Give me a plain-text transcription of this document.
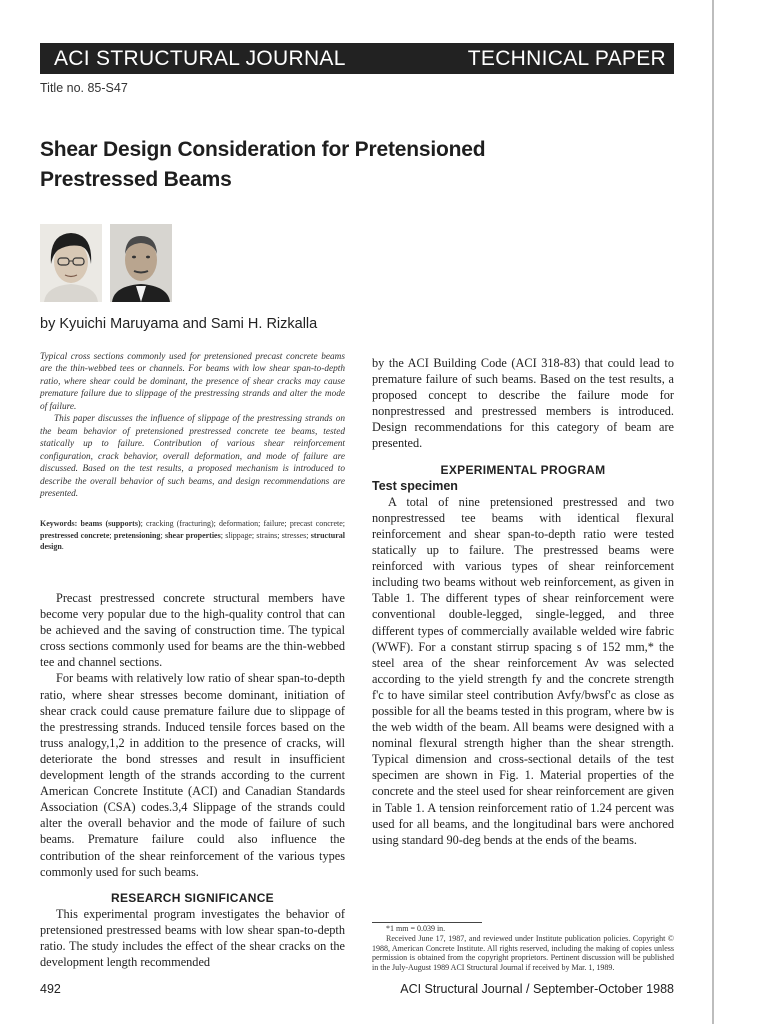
ACI STRUCTURAL JOURNAL	TECHNICAL PAPER
Title no. 85-S47
Shear Design Consideration for Pretensioned
Prestressed Beams
by Kyuichi Maruyama and Sami H. Rizkalla

Typical cross sections commonly used for pretensioned precast concrete beams are the thin-webbed tees or channels. For beams with low shear span-to-depth ratio, where shear could be dominant, the presence of shear cracks may cause premature failure due to slippage of the prestressing strands and alter the mode of failure.

This paper discusses the influence of slippage of the prestressing strands on the beam behavior of pretensioned prestressed concrete tee beams, tested statically up to failure. Contribution of various shear reinforcement configuration, crack behavior, overall deformation, and mode of failure are discussed. Based on the test results, a proposed mechanism is introduced to describe the overall behavior of such beams, and design recommendations are presented.

Keywords: beams (supports); cracking (fracturing); deformation; failure; precast concrete; prestressed concrete; pretensioning; shear properties; slippage; strains; stresses; structural design.

Precast prestressed concrete structural members have become very popular due to the high-quality control that can be achieved and the saving of construction time. The typical cross sections commonly used for beams are the thin-webbed tee and channel sections.

For beams with relatively low ratio of shear span-to-depth ratio, where shear stresses become dominant, initiation of shear crack could cause premature failure due to slippage of the prestressing strands. Induced tensile forces based on the truss analogy,1,2 in addition to the presence of cracks, will deteriorate the bond stresses and result in insufficient development length of the strands according to the current American Concrete Institute (ACI) and Canadian Standards Association (CSA) codes.3,4 Slippage of the strands could alter the overall behavior and the mode of failure of such beams. Premature failure could also influence the contribution of the shear reinforcement of the various types commonly used for such beams.

RESEARCH SIGNIFICANCE

This experimental program investigates the behavior of pretensioned prestressed beams with low shear span-to-depth ratio. The study includes the effect of the shear cracks on the development length recommended

by the ACI Building Code (ACI 318-83) that could lead to premature failure of such beams. Based on the test results, a proposed concept to describe the failure mode for nonprestressed and prestressed members is introduced. Design recommendations for this category of beam are presented.

EXPERIMENTAL PROGRAM
Test specimen

A total of nine pretensioned prestressed and two nonprestressed tee beams with identical flexural reinforcement and shear span-to-depth ratio were tested statically up to failure. The prestressed beams were reinforced with various types of shear reinforcement including two beams without web reinforcement, as given in Table 1. The different types of shear reinforcement were conventional double-legged, single-legged, and three different types of commercially available welded wire fabric (WWF). For a constant stirrup spacing s of 152 mm,* the steel area of the shear reinforcement Av was selected according to the yield strength fy and the concrete strength f'c to have similar steel contribution Avfy/bwsf'c as close as possible for all the beams tested in this program, where bw is the web width of the beam. All beams were designed with a nominal flexural strength higher than the shear strength. Typical dimension and cross-sectional details of the test specimen are shown in Fig. 1. Material properties of the concrete and the steel used for shear reinforcement are given in Table 1. A tension reinforcement ratio of 1.24 percent was used for all beams, and the longitudinal bars were anchored using standard 90-deg bends at the ends of the beams.

*1 mm = 0.039 in.
Received June 17, 1987, and reviewed under Institute publication policies. Copyright © 1988, American Concrete Institute. All rights reserved, including the making of copies unless permission is obtained from the copyright proprietors. Pertinent discussion will be published in the July-August 1989 ACI Structural Journal if received by Mar. 1, 1989.
492	ACI Structural Journal / September-October 1988
